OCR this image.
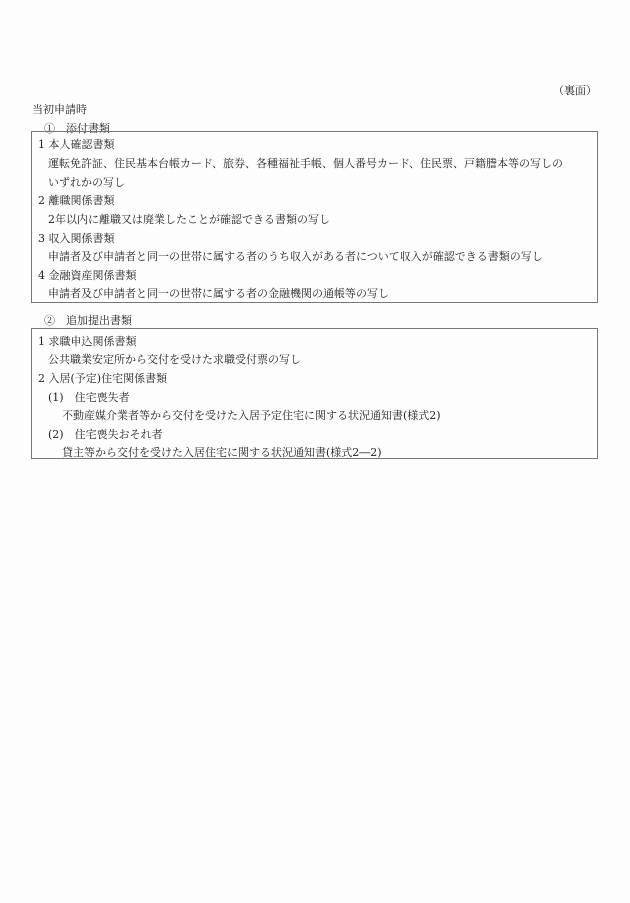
（裏面）
当初申請時
①　添付書類
1 本人確認書類
運転免許証、住民基本台帳カード、旅券、各種福祉手帳、個人番号カード、住民票、戸籍謄本等の写しの
いずれかの写し
2 離職関係書類
2年以内に離職又は廃業したことが確認できる書類の写し
3 収入関係書類
申請者及び申請者と同一の世帯に属する者のうち収入がある者について収入が確認できる書類の写し
4 金融資産関係書類
申請者及び申請者と同一の世帯に属する者の金融機関の通帳等の写し
②　追加提出書類
1 求職申込関係書類
公共職業安定所から交付を受けた求職受付票の写し
2 入居(予定)住宅関係書類
(1)　 住宅喪失者
不動産媒介業者等から交付を受けた入居予定住宅に関する状況通知書(様式2)
(2)　 住宅喪失おそれ者
貸主等から交付を受けた入居住宅に関する状況通知書(様式2―2)
